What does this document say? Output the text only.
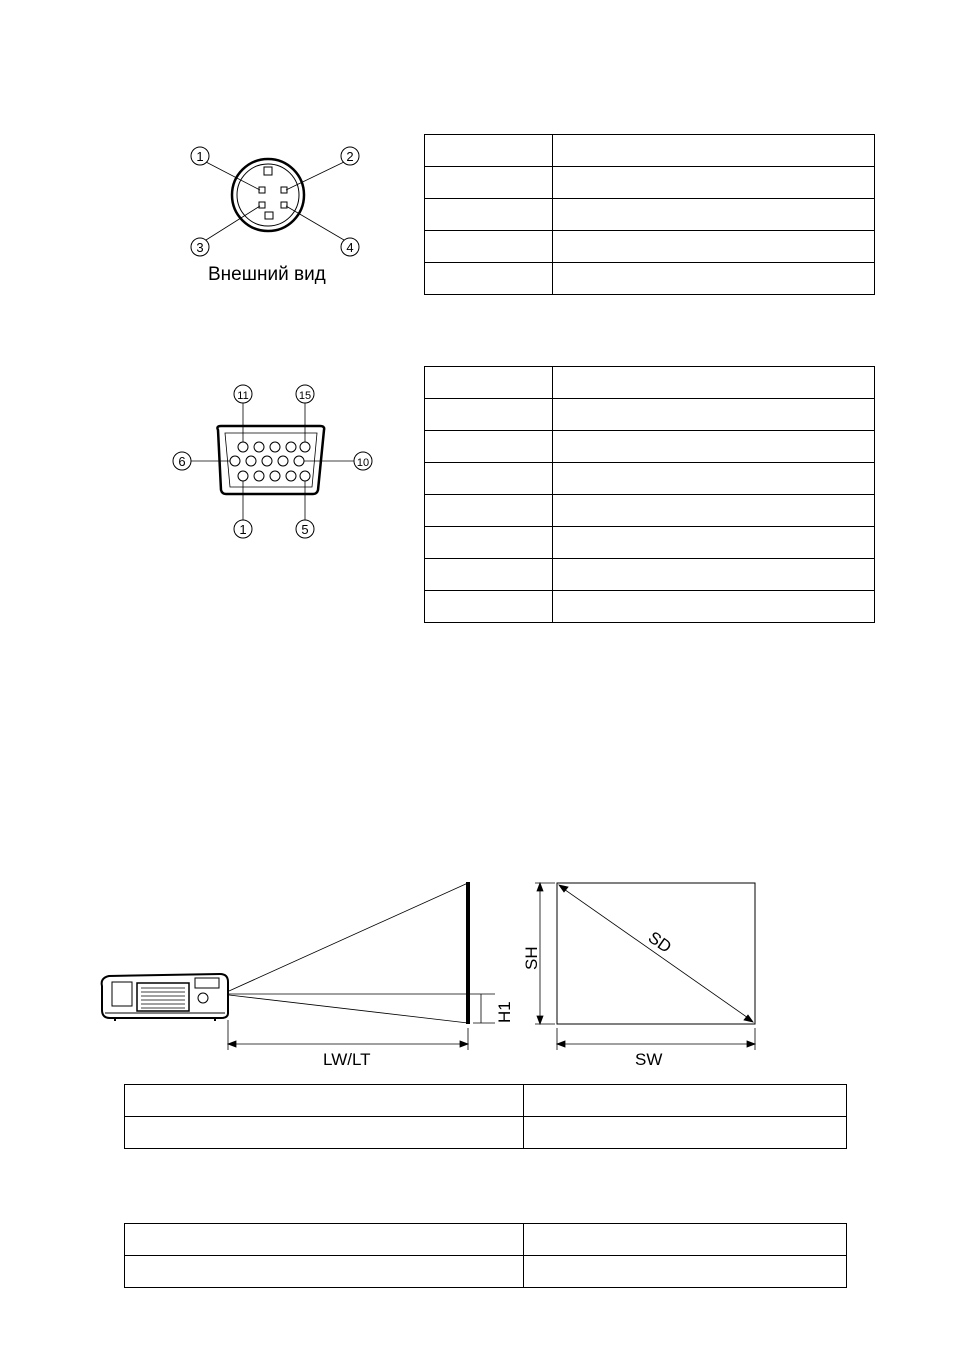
1	2
3	4
Внешний вид

11	15
6	10
1	5

H1
LW/LT
SD
SH
SW
